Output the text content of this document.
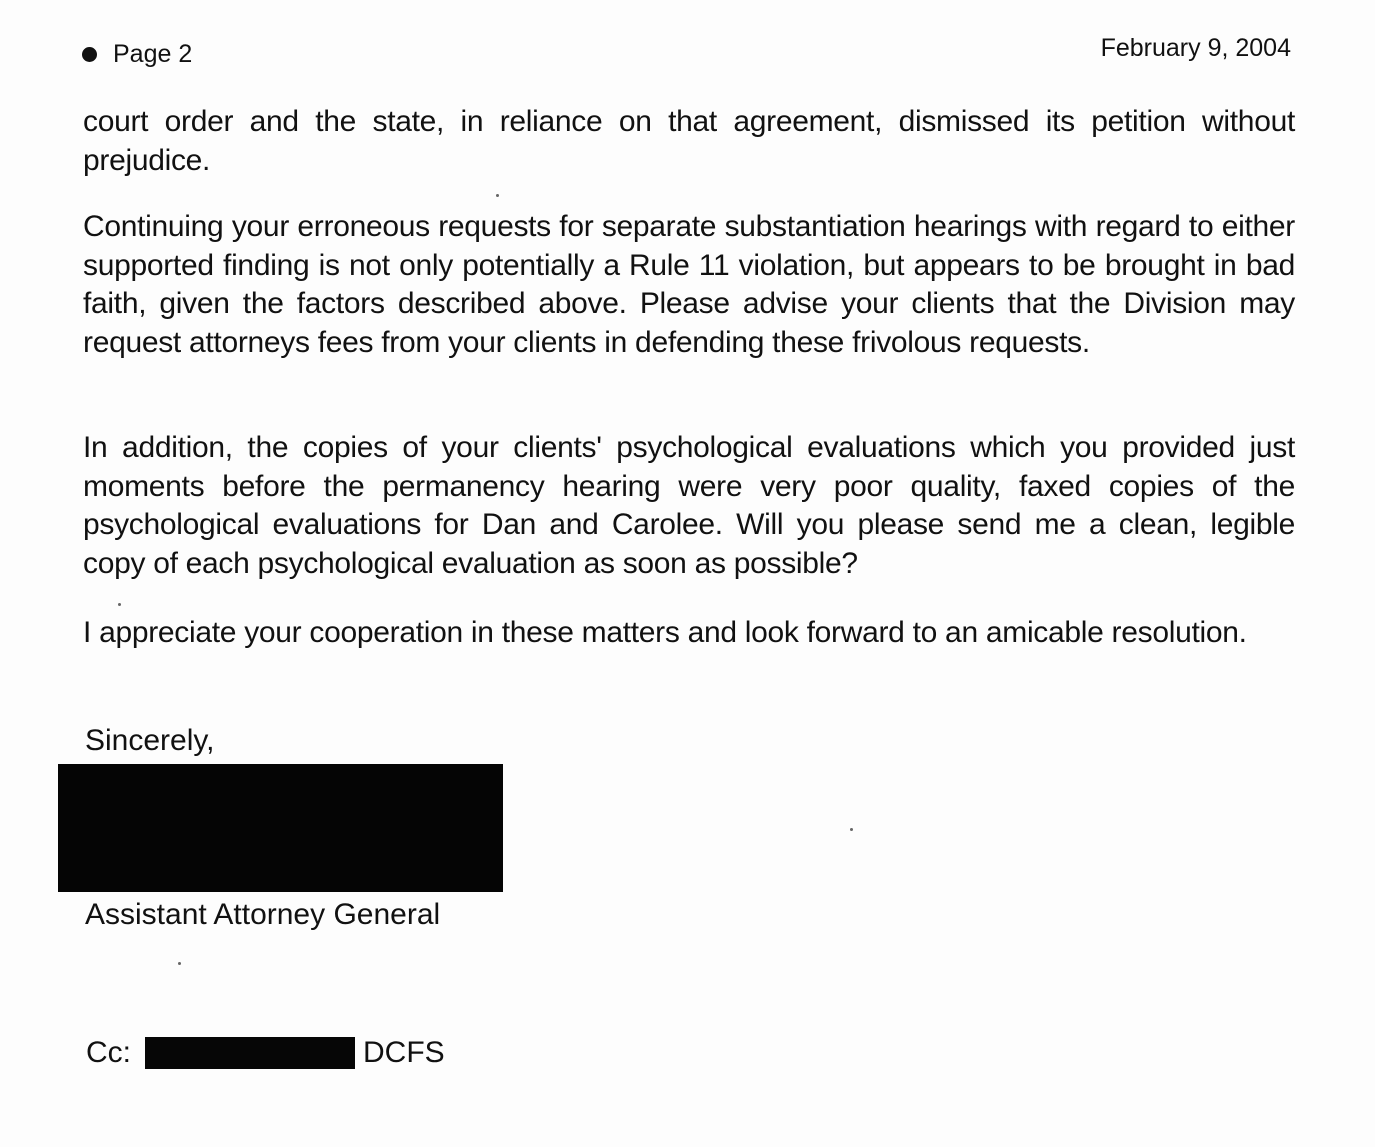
Page 2	February 9, 2004
court order and the state, in reliance on that agreement, dismissed its petition without prejudice.
Continuing your erroneous requests for separate substantiation hearings with regard to either supported finding is not only potentially a Rule 11 violation, but appears to be brought in bad faith, given the factors described above. Please advise your clients that the Division may request attorneys fees from your clients in defending these frivolous requests.
In addition, the copies of your clients' psychological evaluations which you provided just moments before the permanency hearing were very poor quality, faxed copies of the psychological evaluations for Dan and Carolee. Will you please send me a clean, legible copy of each psychological evaluation as soon as possible?
I appreciate your cooperation in these matters and look forward to an amicable resolution.
Sincerely,
Assistant Attorney General
Cc:	DCFS
